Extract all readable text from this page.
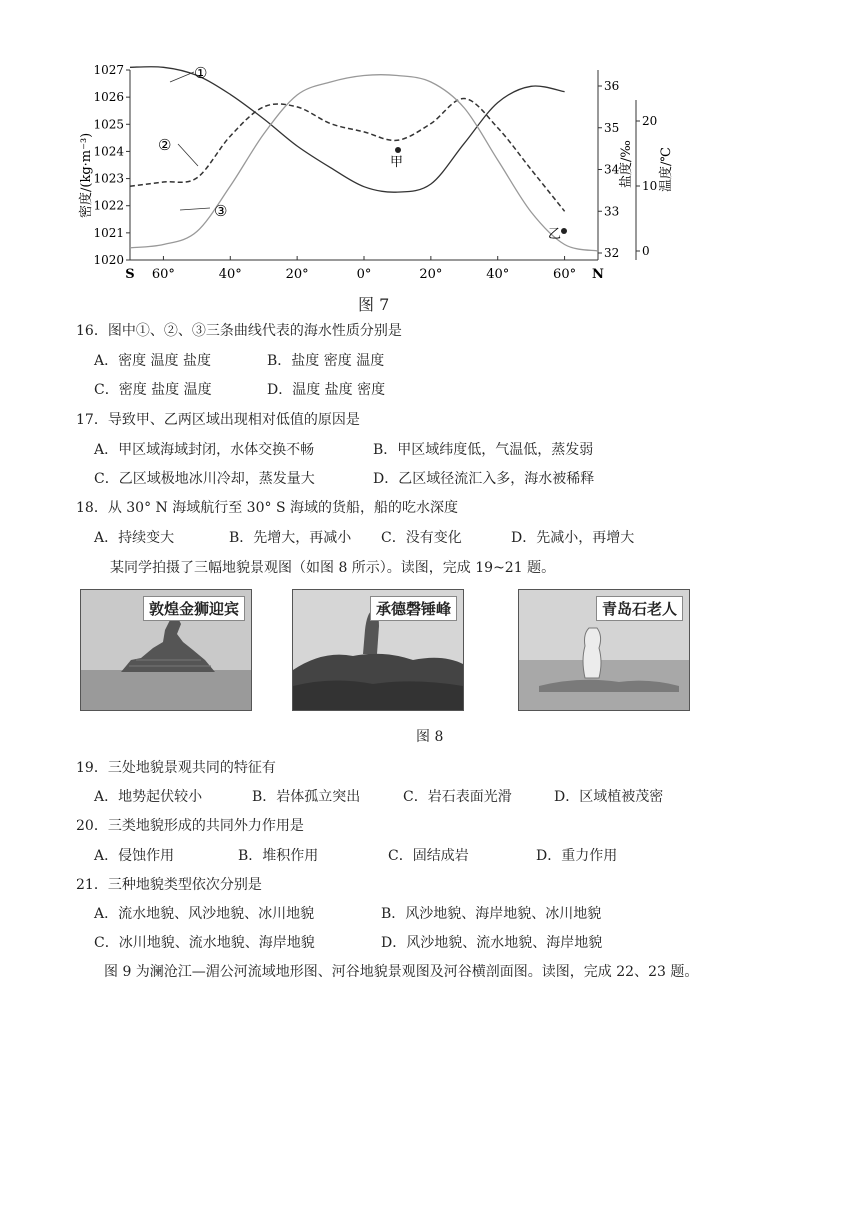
1027
1026
1025
1024
1023
1022
1021
1020
36
35
34
33
32
20
10
0
S 60°	40°	20°	0°	20°	40°	60° N
密度/(kg·m⁻³)	盐度/‰ 温度/℃
①
②
③
甲
乙
图 7
16．图中①、②、③三条曲线代表的海水性质分别是
A．密度 温度 盐度	B．盐度 密度 温度
C．密度 盐度 温度	D．温度 盐度 密度
17．导致甲、乙两区域出现相对低值的原因是
A．甲区域海域封闭，水体交换不畅	B．甲区域纬度低，气温低，蒸发弱
C．乙区域极地冰川冷却，蒸发量大	D．乙区域径流汇入多，海水被稀释
18．从 30° N 海域航行至 30° S 海域的货船，船的吃水深度
A．持续变大	B．先增大，再减小 C．没有变化	D．先减小，再增大
某同学拍摄了三幅地貌景观图（如图 8 所示）。读图，完成 19~21 题。
敦煌金狮迎宾	承德磬锤峰	青岛石老人
图 8
19．三处地貌景观共同的特征有
A．地势起伏较小	B．岩体孤立突出	C．岩石表面光滑	D．区域植被茂密
20．三类地貌形成的共同外力作用是
A．侵蚀作用	B．堆积作用	C．固结成岩	D．重力作用
21．三种地貌类型依次分别是
A．流水地貌、风沙地貌、冰川地貌	B．风沙地貌、海岸地貌、冰川地貌
C．冰川地貌、流水地貌、海岸地貌	D．风沙地貌、流水地貌、海岸地貌
图 9 为澜沧江—湄公河流域地形图、河谷地貌景观图及河谷横剖面图。读图，完成 22、23 题。
